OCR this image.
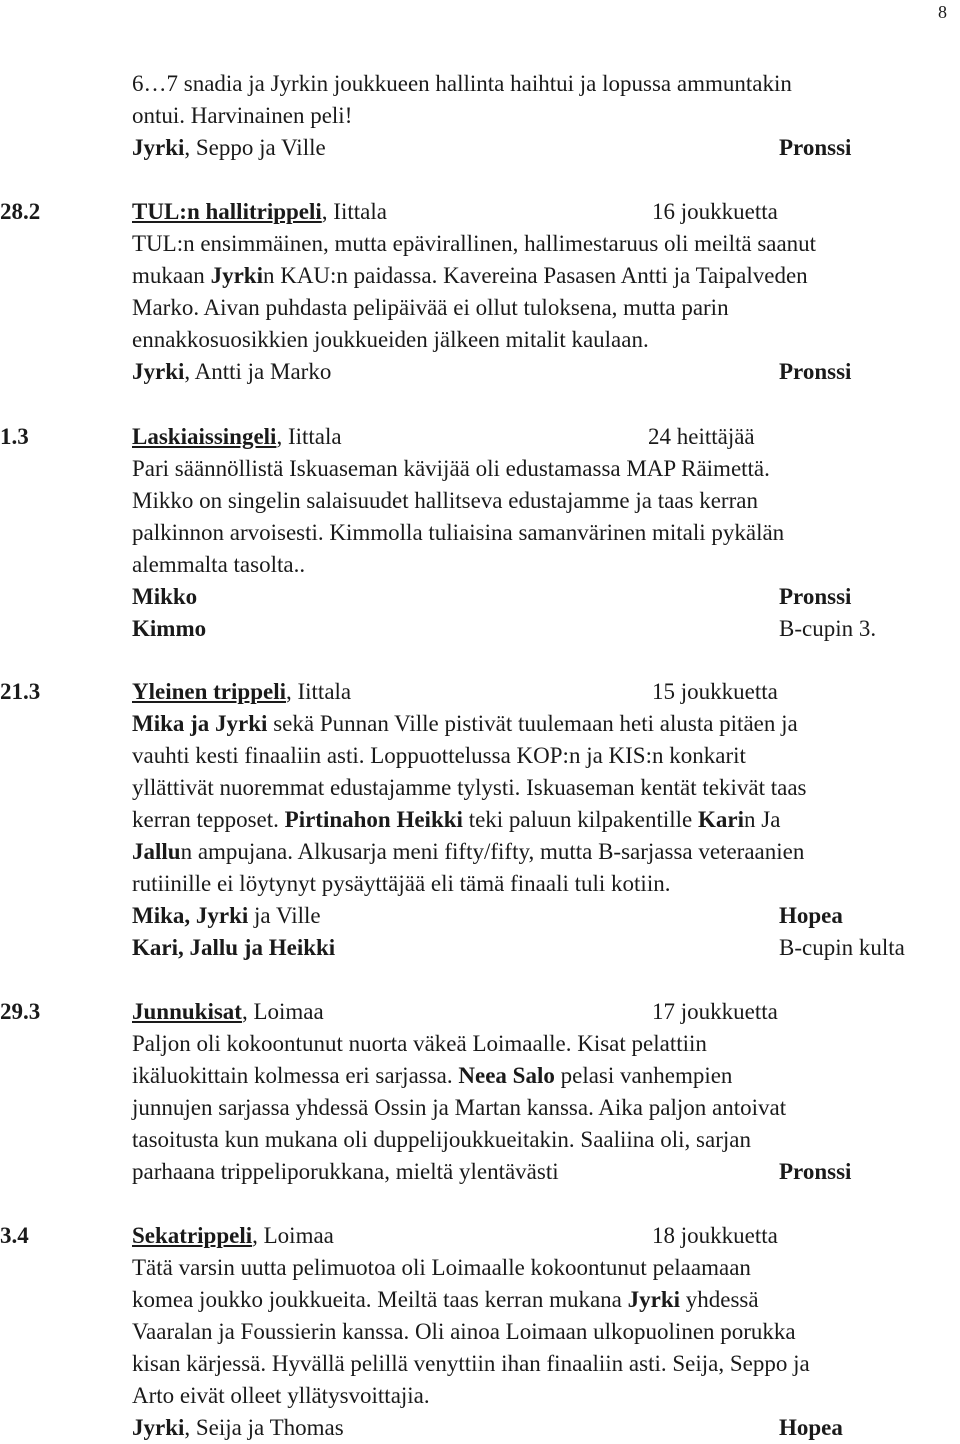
8
6…7 snadia ja Jyrkin joukkueen hallinta haihtui ja lopussa ammuntakin
ontui. Harvinainen peli!
Jyrki, Seppo ja Ville	Pronssi
28.2	TUL:n hallitrippeli, Iittala	16 joukkuetta
TUL:n ensimmäinen, mutta epävirallinen, hallimestaruus oli meiltä saanut
mukaan Jyrkin KAU:n paidassa. Kavereina Pasasen Antti ja Taipalveden
Marko. Aivan puhdasta pelipäivää ei ollut tuloksena, mutta parin
ennakkosuosikkien joukkueiden jälkeen mitalit kaulaan.
Jyrki, Antti ja Marko	Pronssi
1.3	Laskiaissingeli, Iittala	24 heittäjää
Pari säännöllistä Iskuaseman kävijää oli edustamassa MAP Räimettä.
Mikko on singelin salaisuudet hallitseva edustajamme ja taas kerran
palkinnon arvoisesti. Kimmolla tuliaisina samanvärinen mitali pykälän
alemmalta tasolta..
Mikko	Pronssi
Kimmo	B-cupin 3.
21.3	Yleinen trippeli, Iittala	15 joukkuetta
Mika ja Jyrki sekä Punnan Ville pistivät tuulemaan heti alusta pitäen ja
vauhti kesti finaaliin asti. Loppuottelussa KOP:n ja KIS:n konkarit
yllättivät nuoremmat edustajamme tylysti. Iskuaseman kentät tekivät taas
kerran tepposet. Pirtinahon Heikki teki paluun kilpakentille Karin Ja
Jallun ampujana. Alkusarja meni fifty/fifty, mutta B-sarjassa veteraanien
rutiinille ei löytynyt pysäyttäjää eli tämä finaali tuli kotiin.
Mika, Jyrki ja Ville	Hopea
Kari, Jallu ja Heikki	B-cupin kulta
29.3	Junnukisat, Loimaa	17 joukkuetta
Paljon oli kokoontunut nuorta väkeä Loimaalle. Kisat pelattiin
ikäluokittain kolmessa eri sarjassa. Neea Salo pelasi vanhempien
junnujen sarjassa yhdessä Ossin ja Martan kanssa. Aika paljon antoivat
tasoitusta kun mukana oli duppelijoukkueitakin. Saaliina oli, sarjan
parhaana trippeliporukkana, mieltä ylentävästi	Pronssi
3.4	Sekatrippeli, Loimaa	18 joukkuetta
Tätä varsin uutta pelimuotoa oli Loimaalle kokoontunut pelaamaan
komea joukko joukkueita. Meiltä taas kerran mukana Jyrki yhdessä
Vaaralan ja Foussierin kanssa. Oli ainoa Loimaan ulkopuolinen porukka
kisan kärjessä. Hyvällä pelillä venyttiin ihan finaaliin asti. Seija, Seppo ja
Arto eivät olleet yllätysvoittajia.
Jyrki, Seija ja Thomas	Hopea
